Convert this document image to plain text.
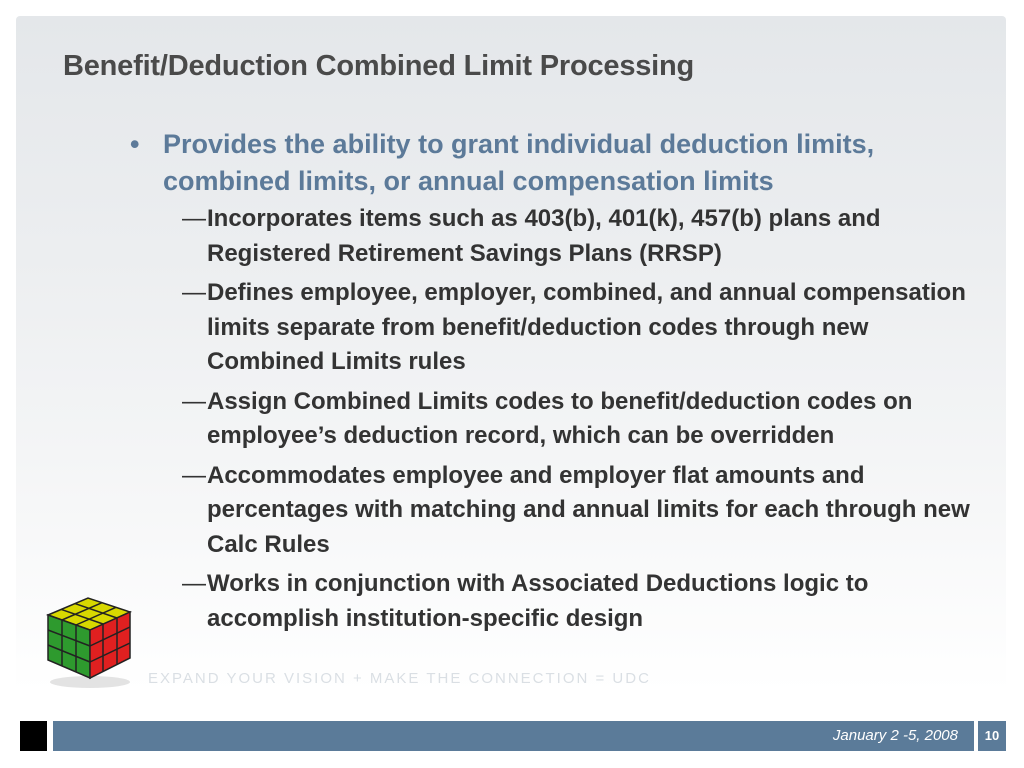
Benefit/Deduction Combined Limit Processing
• Provides the ability to grant individual deduction limits, combined limits, or annual compensation limits
— Incorporates items such as 403(b), 401(k), 457(b) plans and Registered Retirement Savings Plans (RRSP)
— Defines employee, employer, combined, and annual compensation limits separate from benefit/deduction codes through new Combined Limits rules
— Assign Combined Limits codes to benefit/deduction codes on employee’s deduction record, which can be overridden
— Accommodates employee and employer flat amounts and percentages with matching and annual limits for each through new Calc Rules
— Works in conjunction with Associated Deductions logic to accomplish institution-specific design
EXPAND YOUR VISION + MAKE THE CONNECTION = UDC
January 2 -5, 2008	10
